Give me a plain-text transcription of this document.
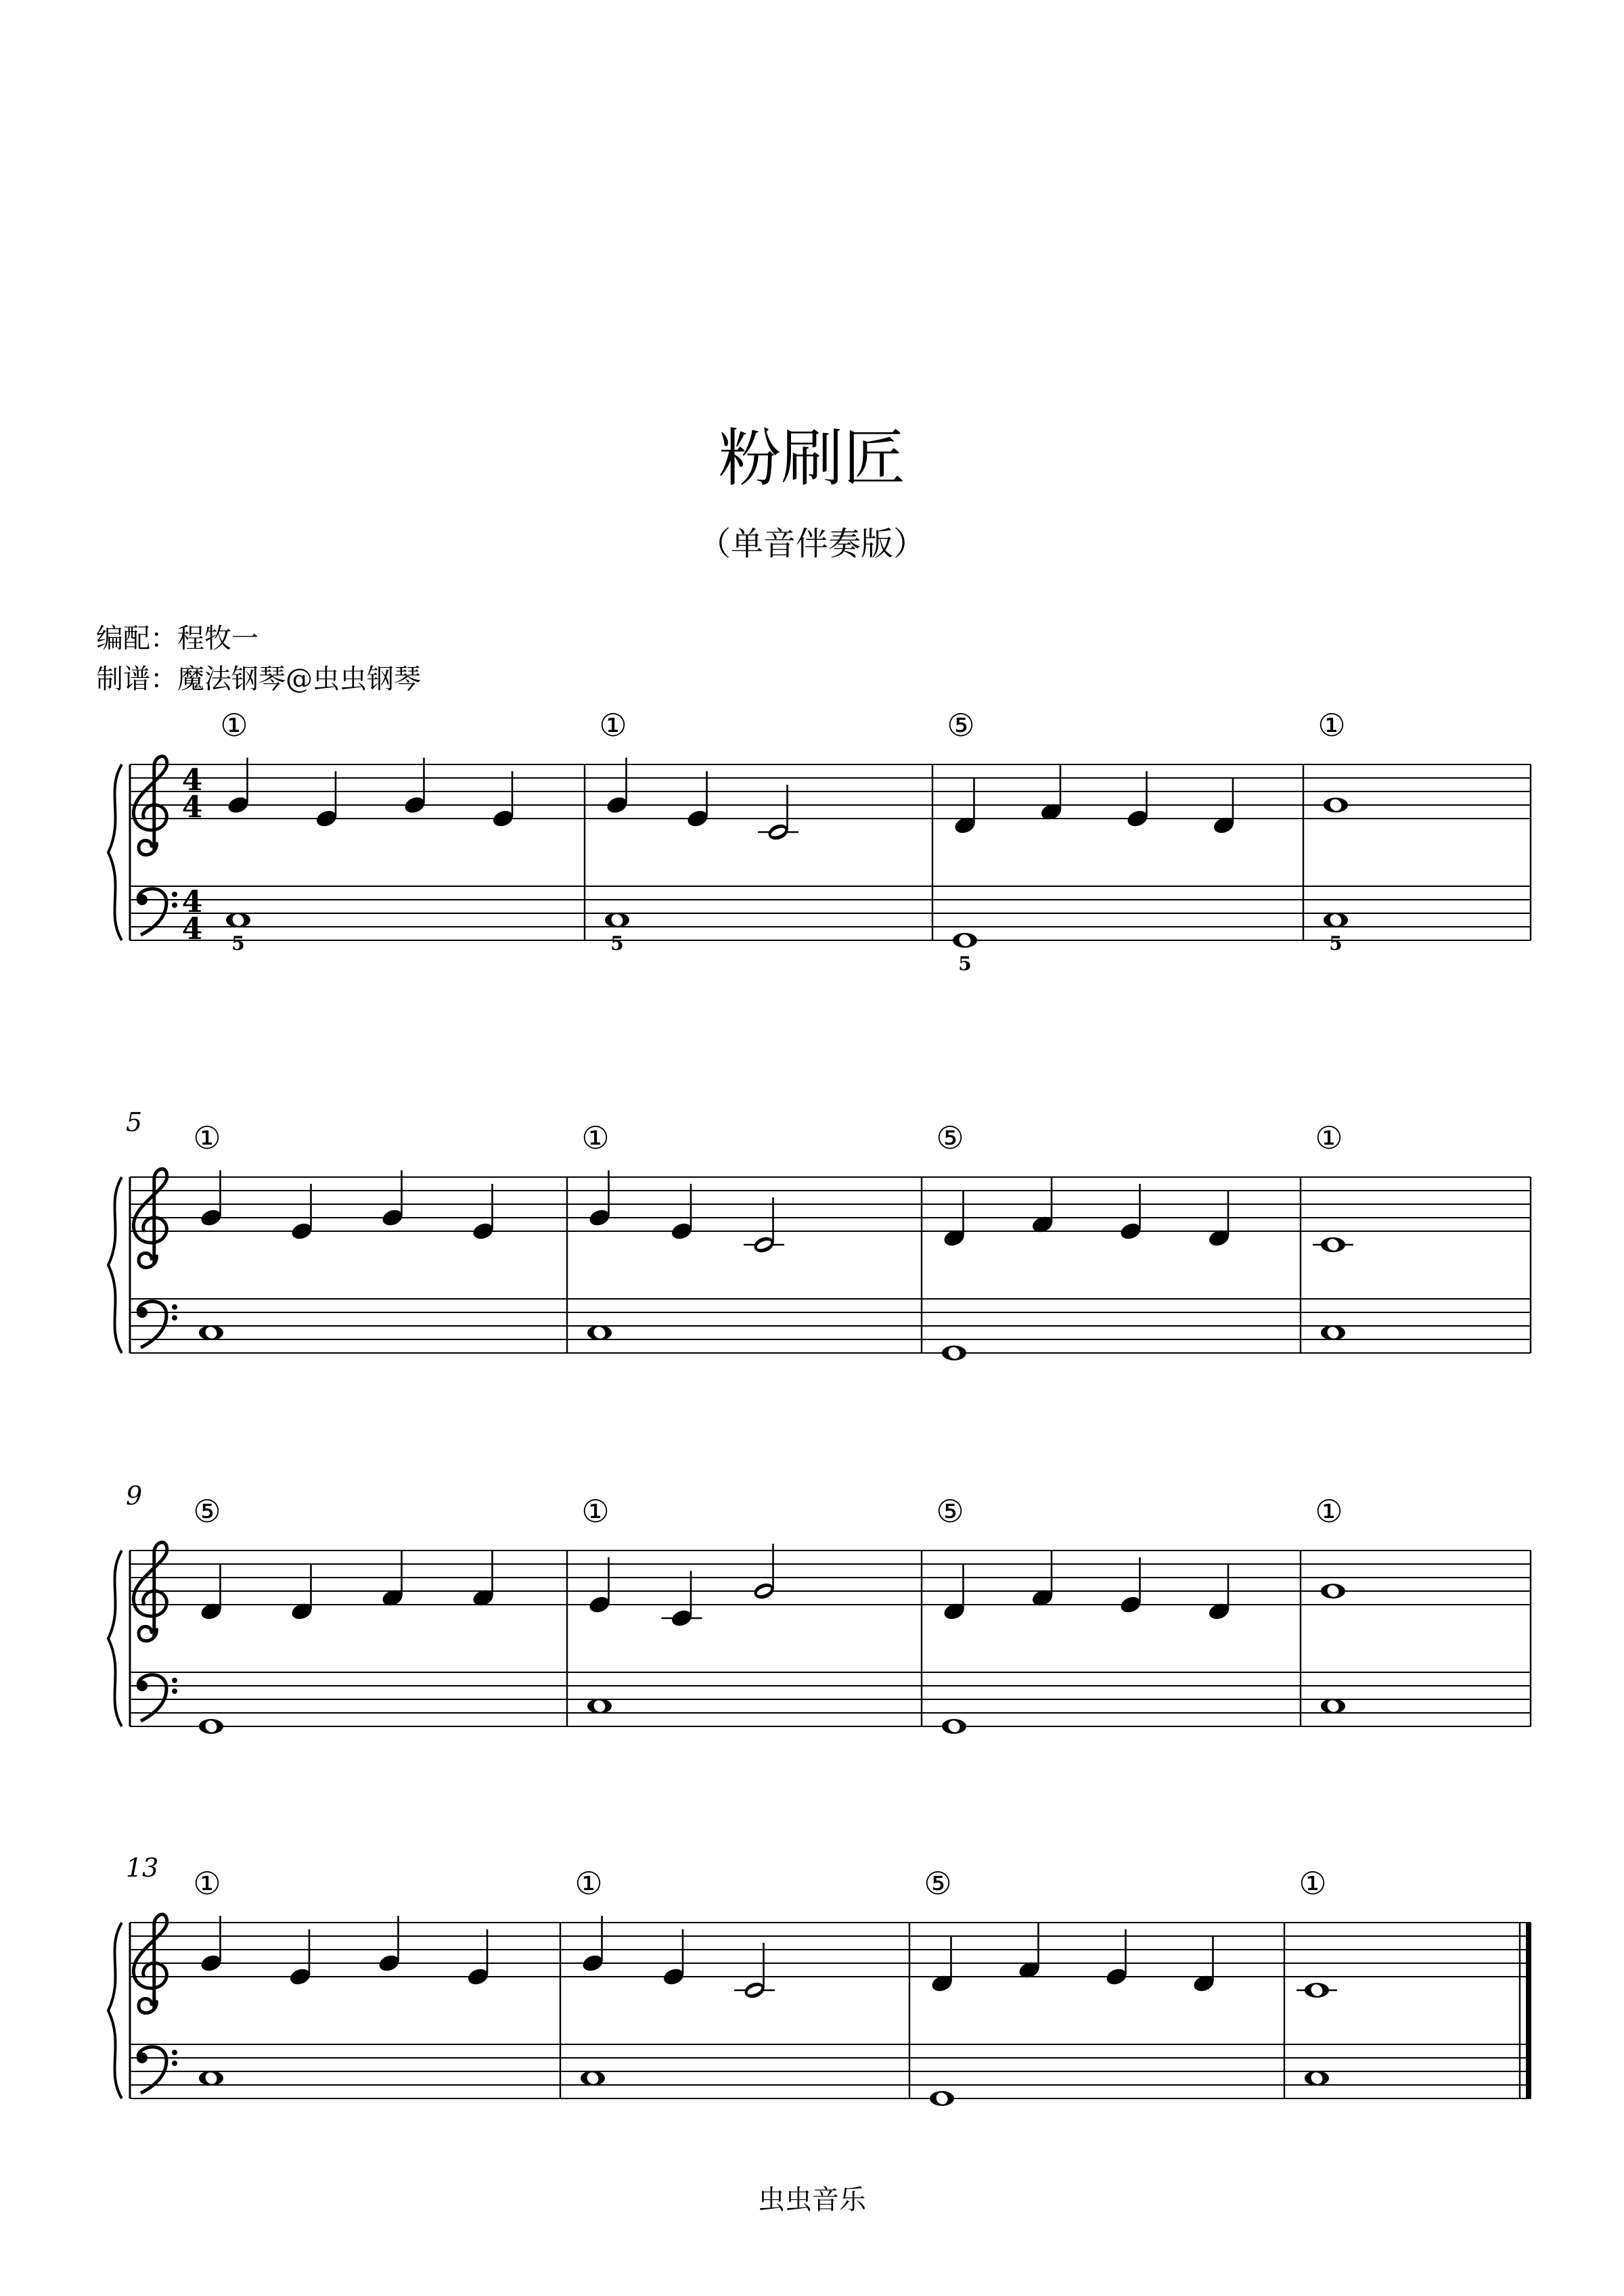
粉刷匠
（单音伴奏版）
编配：程牧一
制谱：魔法钢琴@虫虫钢琴
4
4
4
4
①
5
①
5
⑤
5
①
5
5 ①	①	⑤	①
9 ⑤	①	⑤	①
13 ①	①	⑤	①
虫虫音乐
